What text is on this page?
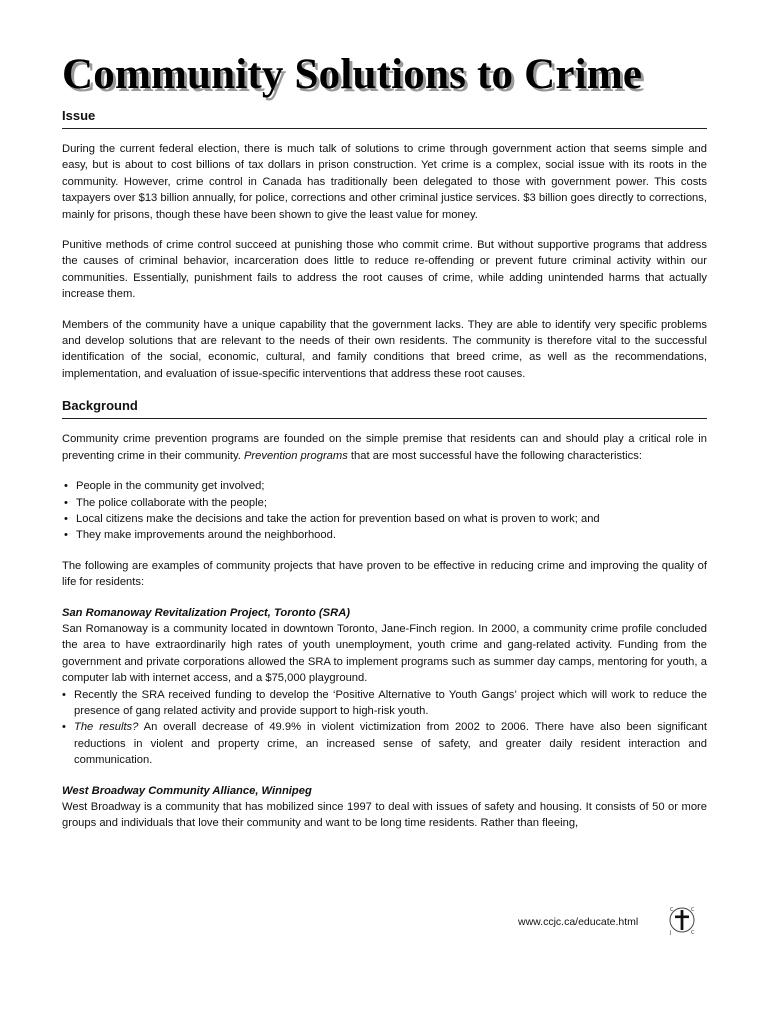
Community Solutions to Crime
Issue

During the current federal election, there is much talk of solutions to crime through government action that seems simple and easy, but is about to cost billions of tax dollars in prison construction. Yet crime is a complex, social issue with its roots in the community. However, crime control in Canada has traditionally been delegated to those with government power. This costs taxpayers over $13 billion annually, for police, corrections and other criminal justice services. $3 billion goes directly to corrections, mainly for prisons, though these have been shown to give the least value for money.

Punitive methods of crime control succeed at punishing those who commit crime. But without supportive programs that address the causes of criminal behavior, incarceration does little to reduce re-offending or prevent future criminal activity within our communities. Essentially, punishment fails to address the root causes of crime, while adding unintended harms that actually increase them.

Members of the community have a unique capability that the government lacks. They are able to identify very specific problems and develop solutions that are relevant to the needs of their own residents. The community is therefore vital to the successful identification of the social, economic, cultural, and family conditions that breed crime, as well as the recommendations, implementation, and evaluation of issue-specific interventions that address these root causes.

Background

Community crime prevention programs are founded on the simple premise that residents can and should play a critical role in preventing crime in their community. Prevention programs that are most successful have the following characteristics:

• People in the community get involved;
• The police collaborate with the people;
• Local citizens make the decisions and take the action for prevention based on what is proven to work; and
• They make improvements around the neighborhood.

The following are examples of community projects that have proven to be effective in reducing crime and improving the quality of life for residents:

San Romanoway Revitalization Project, Toronto (SRA)

San Romanoway is a community located in downtown Toronto, Jane-Finch region. In 2000, a community crime profile concluded the area to have extraordinarily high rates of youth unemployment, youth crime and gang-related activity. Funding from the government and private corporations allowed the SRA to implement programs such as summer day camps, mentoring for youth, a computer lab with internet access, and a $75,000 playground.

• Recently the SRA received funding to develop the ‘Positive Alternative to Youth Gangs’ project which will work to reduce the presence of gang related activity and provide support to high-risk youth.

• The results? An overall decrease of 49.9% in violent victimization from 2002 to 2006. There have also been significant reductions in violent and property crime, an increased sense of safety, and greater daily resident interaction and communication.

West Broadway Community Alliance, Winnipeg

West Broadway is a community that has mobilized since 1997 to deal with issues of safety and housing. It consists of 50 or more groups and individuals that love their community and want to be long time residents. Rather than fleeing,

www.ccjc.ca/educate.html
C	C
J	C
